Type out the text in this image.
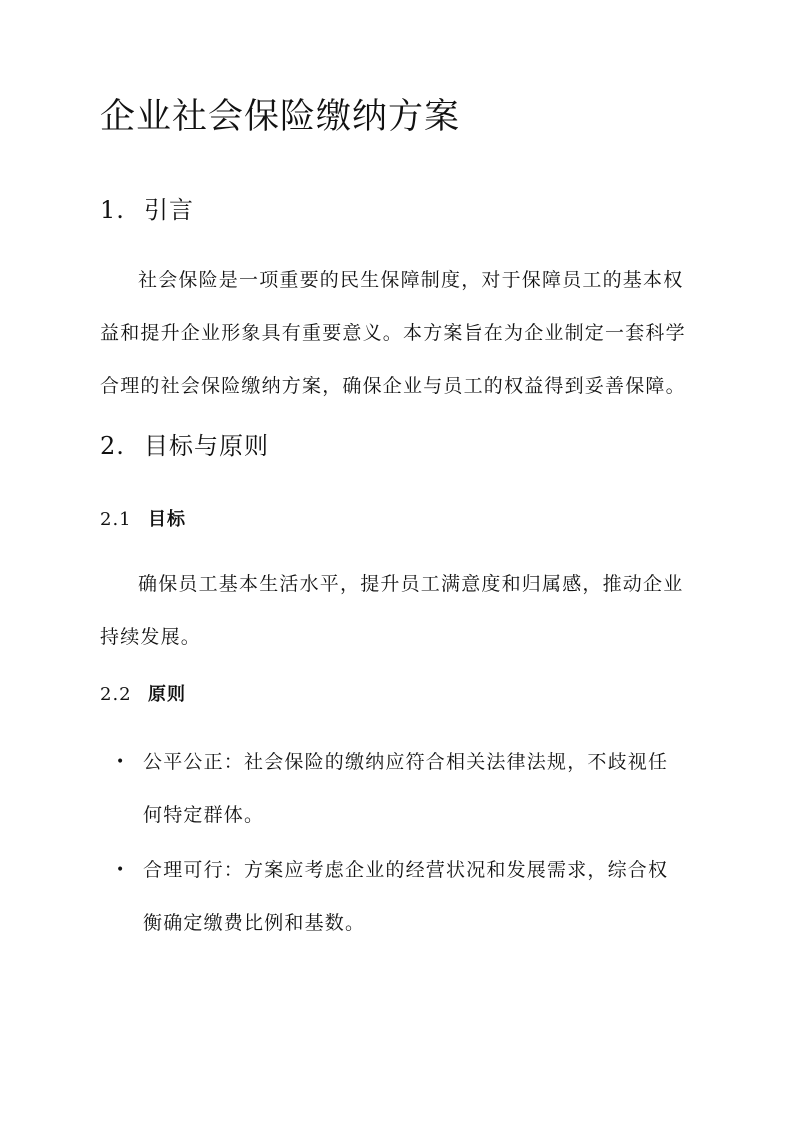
企业社会保险缴纳方案
1. 引言

社会保险是一项重要的民生保障制度，对于保障员工的基本权
益和提升企业形象具有重要意义。本方案旨在为企业制定一套科学
合理的社会保险缴纳方案，确保企业与员工的权益得到妥善保障。

2. 目标与原则
2.1 目标

确保员工基本生活水平，提升员工满意度和归属感，推动企业
持续发展。

2.2 原则
• 公平公正：社会保险的缴纳应符合相关法律法规，不歧视任
何特定群体。
• 合理可行：方案应考虑企业的经营状况和发展需求，综合权
衡确定缴费比例和基数。
